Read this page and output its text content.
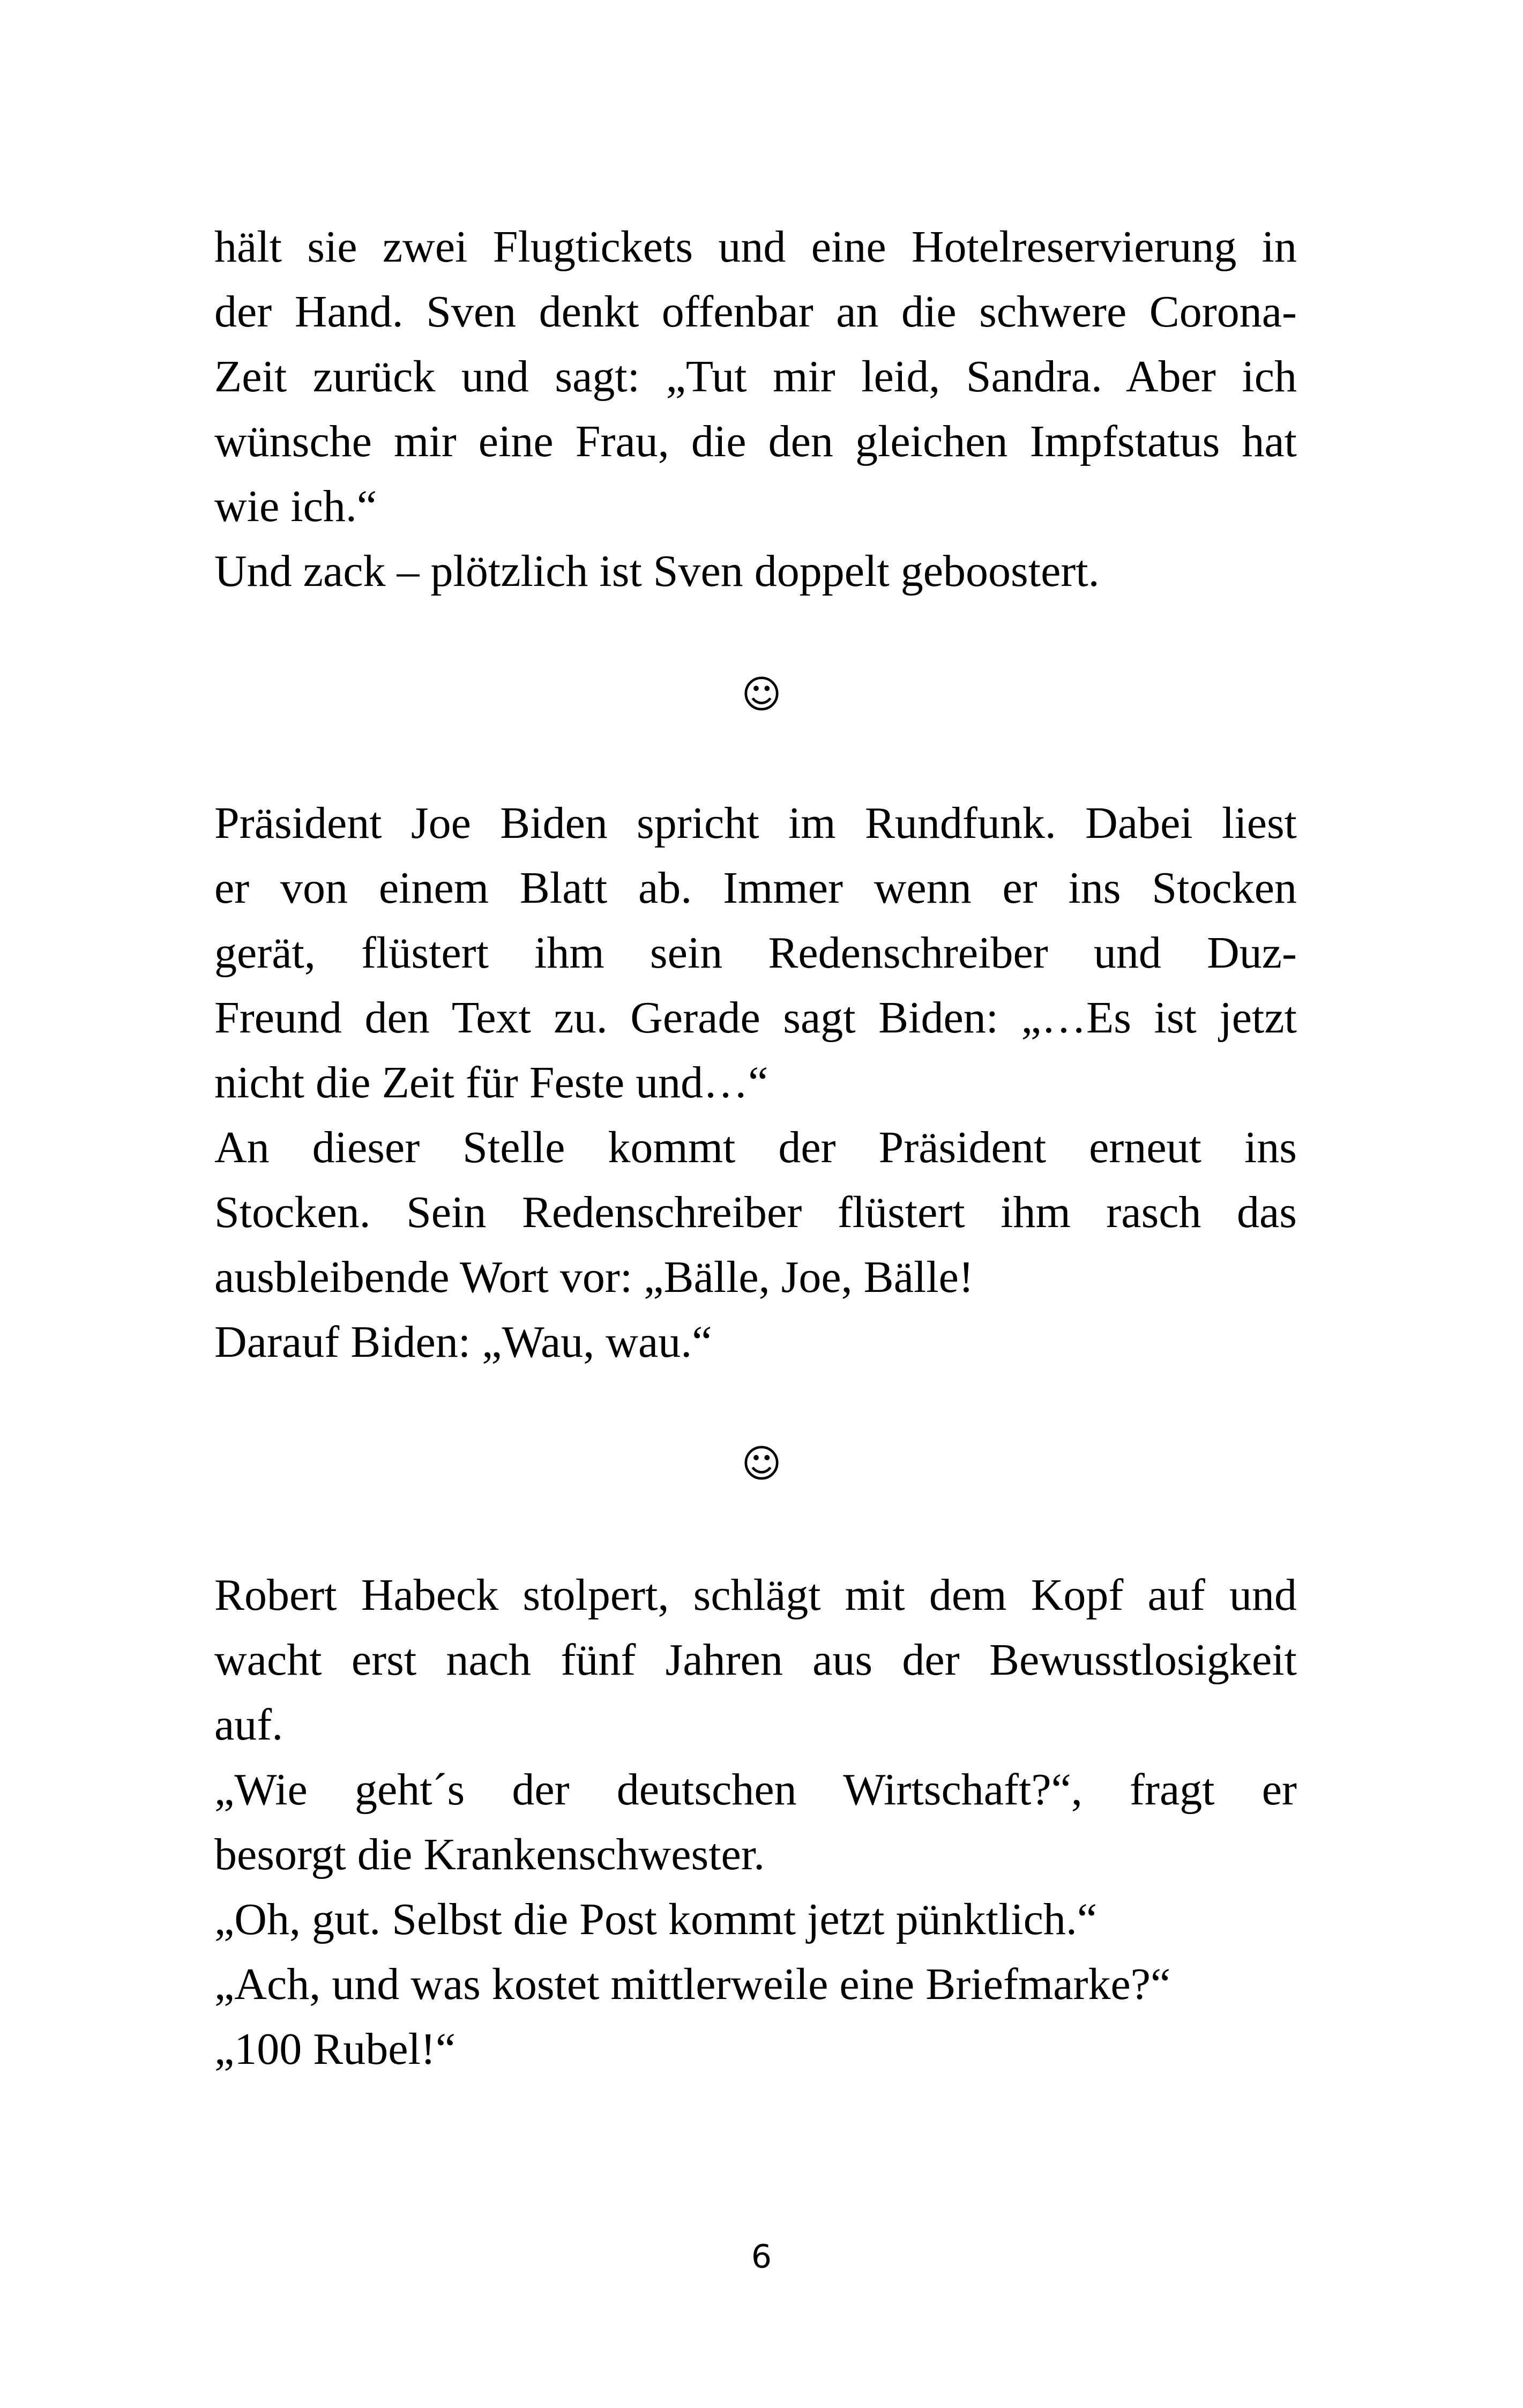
hält sie zwei Flugtickets und eine Hotelreservierung in
der Hand. Sven denkt offenbar an die schwere Corona-
Zeit zurück und sagt: „Tut mir leid, Sandra. Aber ich
wünsche mir eine Frau, die den gleichen Impfstatus hat
wie ich.“
Und zack – plötzlich ist Sven doppelt geboostert.
☺
Präsident Joe Biden spricht im Rundfunk. Dabei liest
er von einem Blatt ab. Immer wenn er ins Stocken
gerät, flüstert ihm sein Redenschreiber und Duz-
Freund den Text zu. Gerade sagt Biden: „…Es ist jetzt
nicht die Zeit für Feste und…“
An dieser Stelle kommt der Präsident erneut ins
Stocken. Sein Redenschreiber flüstert ihm rasch das
ausbleibende Wort vor: „Bälle, Joe, Bälle!
Darauf Biden: „Wau, wau.“
☺
Robert Habeck stolpert, schlägt mit dem Kopf auf und
wacht erst nach fünf Jahren aus der Bewusstlosigkeit
auf.
„Wie geht´s der deutschen Wirtschaft?“, fragt er
besorgt die Krankenschwester.
„Oh, gut. Selbst die Post kommt jetzt pünktlich.“
„Ach, und was kostet mittlerweile eine Briefmarke?“
„100 Rubel!“
6
